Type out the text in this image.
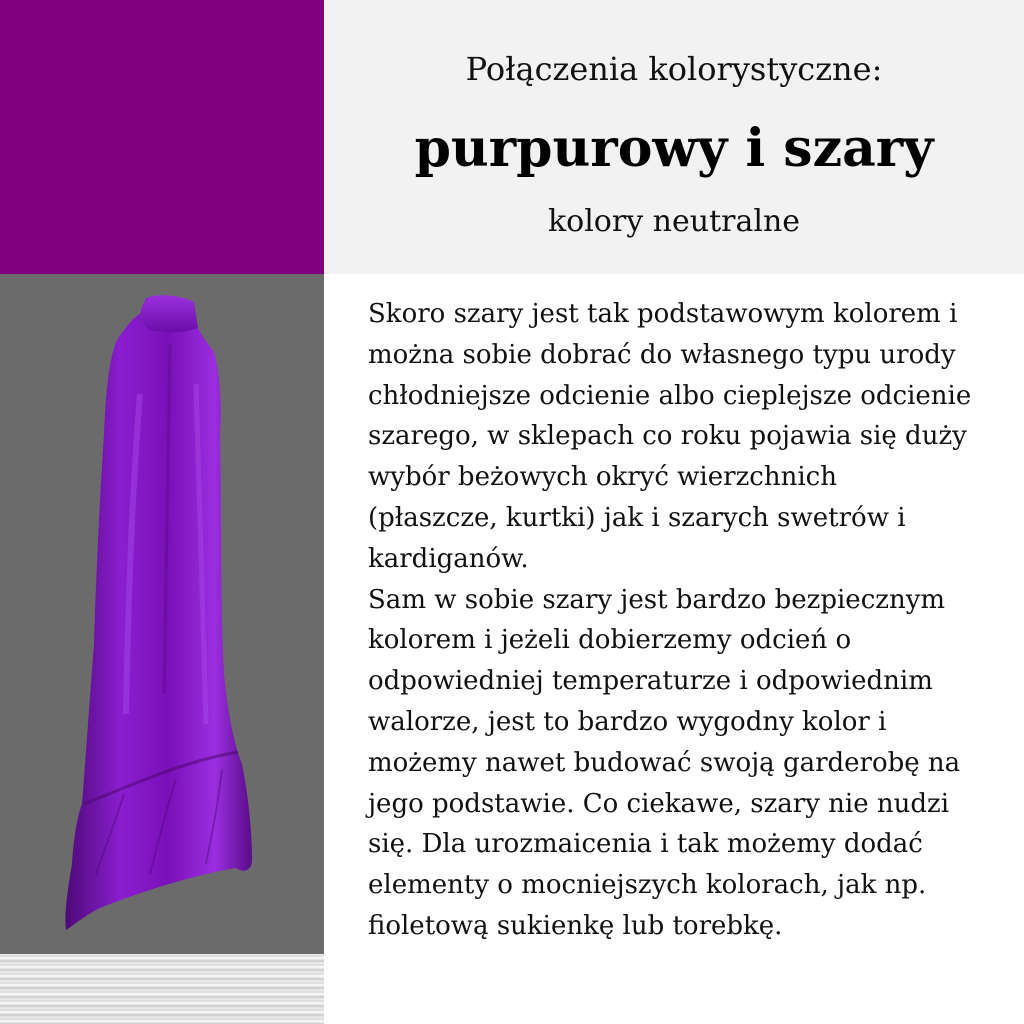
Połączenia kolorystyczne:
purpurowy i szary
kolory neutralne

Skoro szary jest tak podstawowym kolorem i

można sobie dobrać do własnego typu urody

chłodniejsze odcienie albo cieplejsze odcienie

szarego, w sklepach co roku pojawia się duży

wybór beżowych okryć wierzchnich

(płaszcze, kurtki) jak i szarych swetrów i

kardiganów.

Sam w sobie szary jest bardzo bezpiecznym

kolorem i jeżeli dobierzemy odcień o

odpowiedniej temperaturze i odpowiednim

walorze, jest to bardzo wygodny kolor i

możemy nawet budować swoją garderobę na

jego podstawie. Co ciekawe, szary nie nudzi

się. Dla urozmaicenia i tak możemy dodać

elementy o mocniejszych kolorach, jak np.

fioletową sukienkę lub torebkę.
